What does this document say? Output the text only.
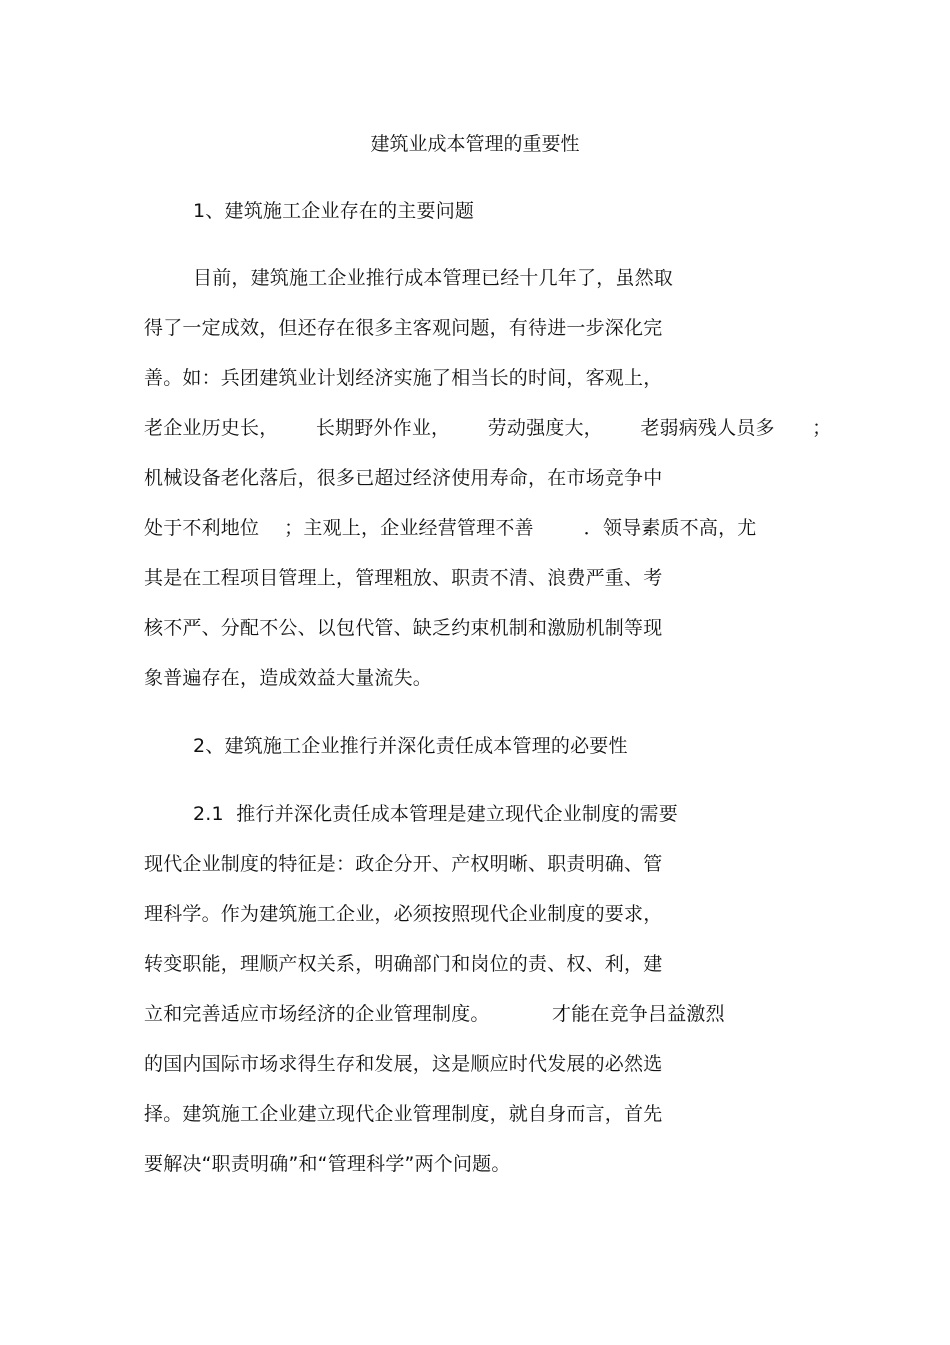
建筑业成本管理的重要性
1、建筑施工企业存在的主要问题
目前，建筑施工企业推行成本管理已经十几年了，虽然取
得了一定成效，但还存在很多主客观问题，有待进一步深化完
善。如：兵团建筑业计划经济实施了相当长的时间，客观上，
老企业历史长，      长期野外作业，      劳动强度大，      老弱病残人员多      ；
机械设备老化落后，很多已超过经济使用寿命，在市场竞争中
处于不利地位    ；主观上，企业经营管理不善        ．领导素质不高，尤
其是在工程项目管理上，管理粗放、职责不清、浪费严重、考
核不严、分配不公、以包代管、缺乏约束机制和激励机制等现
象普遍存在，造成效益大量流失。
2、建筑施工企业推行并深化责任成本管理的必要性
2.1  推行并深化责任成本管理是建立现代企业制度的需要
现代企业制度的特征是：政企分开、产权明晰、职责明确、管
理科学。作为建筑施工企业，必须按照现代企业制度的要求，
转变职能，理顺产权关系，明确部门和岗位的责、权、利，建
立和完善适应市场经济的企业管理制度。          才能在竞争吕益激烈
的国内国际市场求得生存和发展，这是顺应时代发展的必然选
择。建筑施工企业建立现代企业管理制度，就自身而言，首先
要解决“职责明确”和“管理科学”两个问题。
